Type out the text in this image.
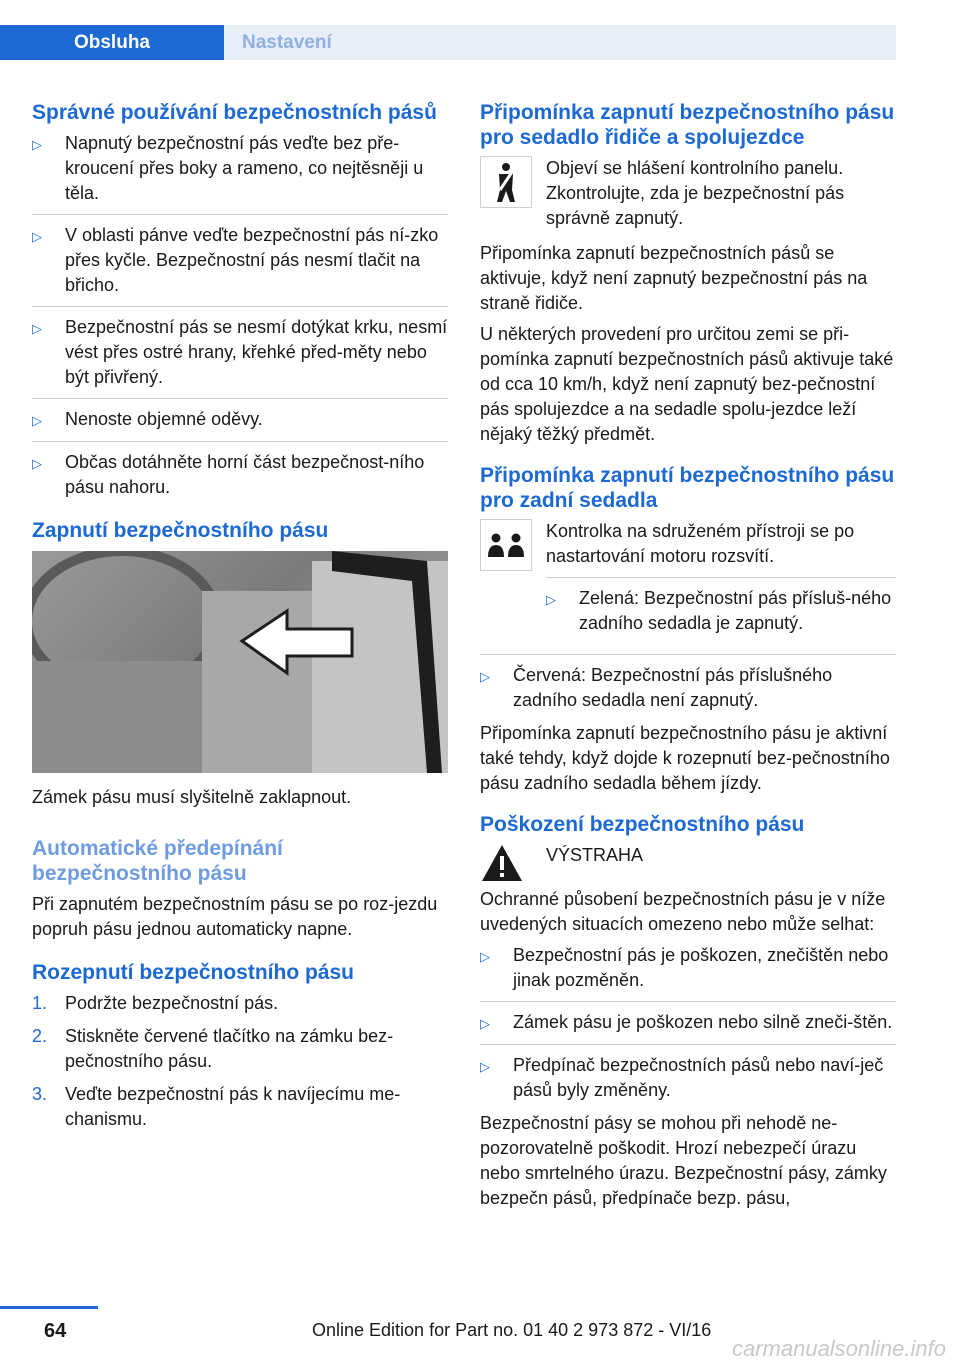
Obsluha	Nastavení
Správné používání bezpečnostních pásů
▷	Napnutý bezpečnostní pás veďte bez pře-kroucení přes boky a rameno, co nejtěsněji u těla.
▷	V oblasti pánve veďte bezpečnostní pás ní-zko přes kyčle. Bezpečnostní pás nesmí tlačit na břicho.
▷	Bezpečnostní pás se nesmí dotýkat krku, nesmí vést přes ostré hrany, křehké před-měty nebo být přivřený.
▷	Nenoste objemné oděvy.
▷	Občas dotáhněte horní část bezpečnost-ního pásu nahoru.
Zapnutí bezpečnostního pásu

Zámek pásu musí slyšitelně zaklapnout.

Automatické předepínání bezpečnostního pásu

Při zapnutém bezpečnostním pásu se po roz-jezdu popruh pásu jednou automaticky napne.

Rozepnutí bezpečnostního pásu
1. Podržte bezpečnostní pás.
2. Stiskněte červené tlačítko na zámku bez-pečnostního pásu.
3. Veďte bezpečnostní pás k navíjecímu me-chanismu.
Připomínka zapnutí bezpečnostního pásu pro sedadlo řidiče a spolujezdce

Objeví se hlášení kontrolního panelu. Zkontrolujte, zda je bezpečnostní pás správně zapnutý.

Připomínka zapnutí bezpečnostních pásů se aktivuje, když není zapnutý bezpečnostní pás na straně řidiče.

U některých provedení pro určitou zemi se při-pomínka zapnutí bezpečnostních pásů aktivuje také od cca 10 km/h, když není zapnutý bez-pečnostní pás spolujezdce a na sedadle spolu-jezdce leží nějaký těžký předmět.

Připomínka zapnutí bezpečnostního pásu pro zadní sedadla

Kontrolka na sdruženém přístroji se po nastartování motoru rozsvítí.

▷	Zelená: Bezpečnostní pás přísluš-ného zadního sedadla je zapnutý.
▷	Červená: Bezpečnostní pás příslušného zadního sedadla není zapnutý.

Připomínka zapnutí bezpečnostního pásu je aktivní také tehdy, když dojde k rozepnutí bez-pečnostního pásu zadního sedadla během jízdy.

Poškození bezpečnostního pásu

VÝSTRAHA

Ochranné působení bezpečnostních pásu je v níže uvedených situacích omezeno nebo může selhat:

▷	Bezpečnostní pás je poškozen, znečištěn nebo jinak pozměněn.
▷	Zámek pásu je poškozen nebo silně zneči-štěn.
▷	Předpínač bezpečnostních pásů nebo naví-ječ pásů byly změněny.

Bezpečnostní pásy se mohou při nehodě ne-pozorovatelně poškodit. Hrozí nebezpečí úrazu nebo smrtelného úrazu. Bezpečnostní pásy, zámky bezpečn pásů, předpínače bezp. pásu,

64	Online Edition for Part no. 01 40 2 973 872 - VI/16
carmanualsonline.info
